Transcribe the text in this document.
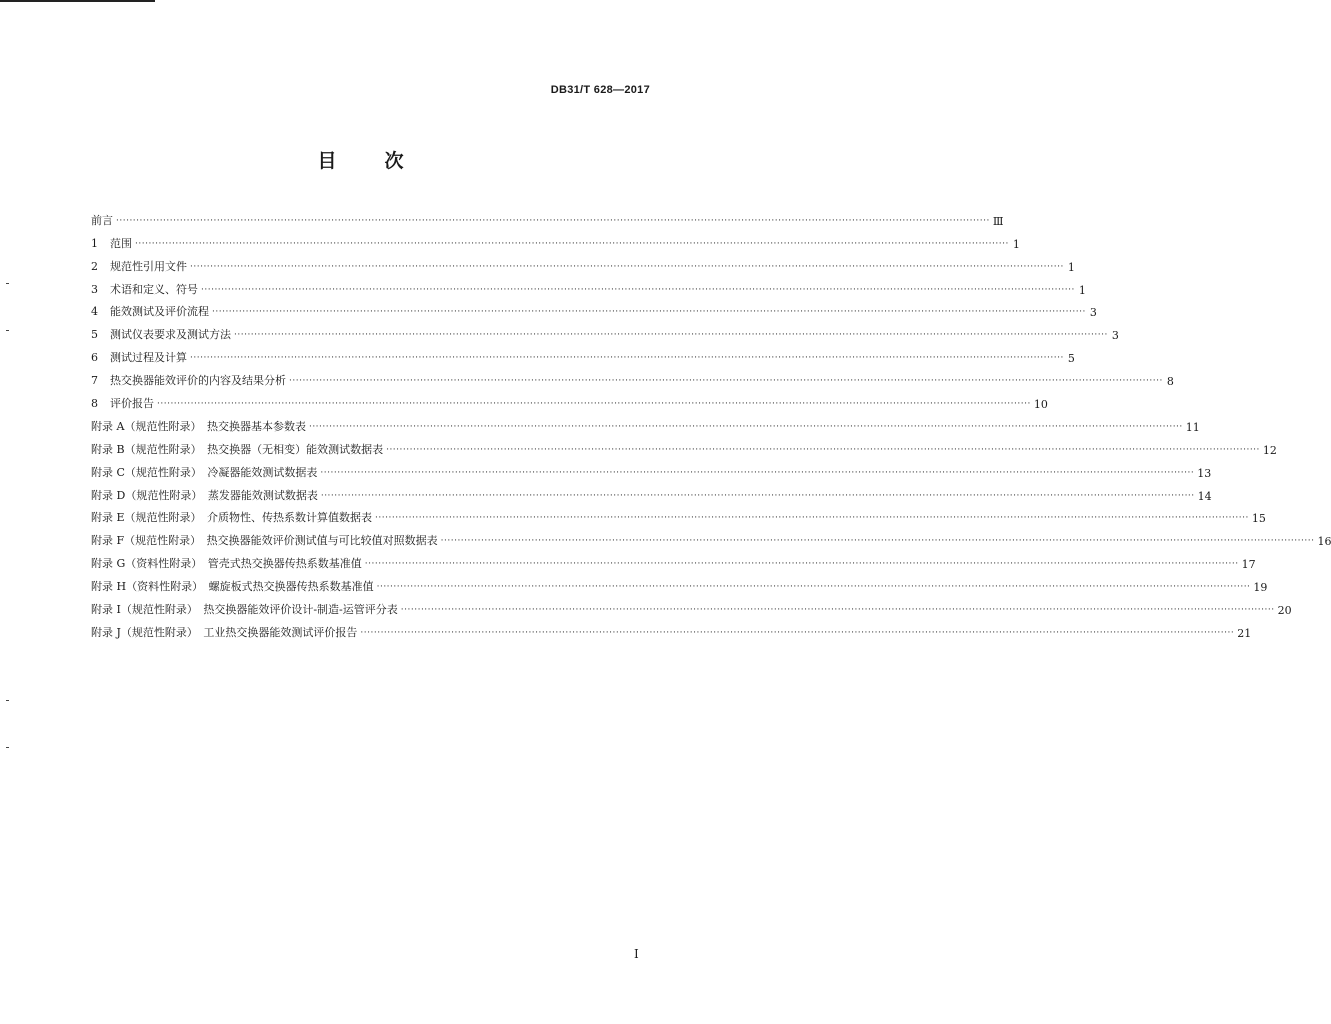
DB31/T 628—2017
目	次
前言 ···································································································································································································································································· Ⅲ
1 范围 ···································································································································································································································································· 1
2 规范性引用文件 ···································································································································································································································································· 1
3 术语和定义、符号 ···································································································································································································································································· 1
4 能效测试及评价流程 ···································································································································································································································································· 3
5 测试仪表要求及测试方法 ···································································································································································································································································· 3
6 测试过程及计算 ···································································································································································································································································· 5
7 热交换器能效评价的内容及结果分析 ···································································································································································································································································· 8
8 评价报告 ···································································································································································································································································· 10
附录 A（规范性附录）　热交换器基本参数表 ···································································································································································································································································· 11
附录 B（规范性附录）　热交换器（无相变）能效测试数据表 ···································································································································································································································································· 12
附录 C（规范性附录）　冷凝器能效测试数据表 ···································································································································································································································································· 13
附录 D（规范性附录）　蒸发器能效测试数据表 ···································································································································································································································································· 14
附录 E（规范性附录）　介质物性、传热系数计算值数据表 ···································································································································································································································································· 15
附录 F（规范性附录）　热交换器能效评价测试值与可比较值对照数据表 ···································································································································································································································································· 16
附录 G（资料性附录）　管壳式热交换器传热系数基准值 ···································································································································································································································································· 17
附录 H（资料性附录）　螺旋板式热交换器传热系数基准值 ···································································································································································································································································· 19
附录 I（规范性附录）　热交换器能效评价设计-制造-运管评分表 ···································································································································································································································································· 20
附录 J（规范性附录）　工业热交换器能效测试评价报告 ···································································································································································································································································· 21
I
